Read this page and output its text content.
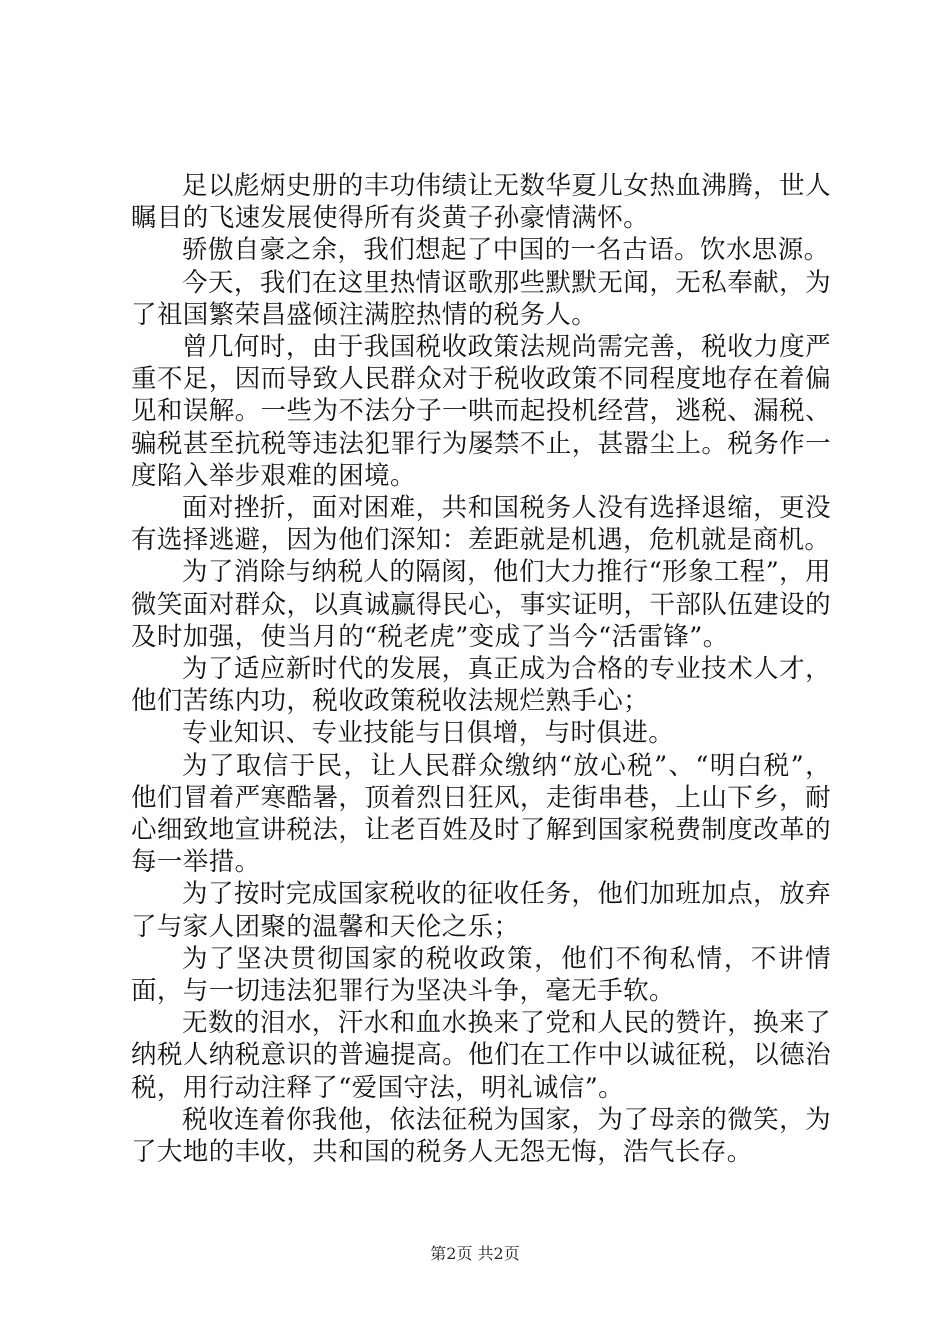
足以彪炳史册的丰功伟绩让无数华夏儿女热血沸腾，世人瞩目的飞速发展使得所有炎黄子孙豪情满怀。

骄傲自豪之余，我们想起了中国的一名古语。饮水思源。

今天，我们在这里热情讴歌那些默默无闻，无私奉献，为了祖国繁荣昌盛倾注满腔热情的税务人。

曾几何时，由于我国税收政策法规尚需完善，税收力度严重不足，因而导致人民群众对于税收政策不同程度地存在着偏见和误解。一些为不法分子一哄而起投机经营，逃税、漏税、骗税甚至抗税等违法犯罪行为屡禁不止，甚嚣尘上。税务作一度陷入举步艰难的困境。

面对挫折，面对困难，共和国税务人没有选择退缩，更没有选择逃避，因为他们深知：差距就是机遇，危机就是商机。

为了消除与纳税人的隔阂，他们大力推行“形象工程”，用微笑面对群众，以真诚赢得民心，事实证明，干部队伍建设的及时加强，使当月的“税老虎”变成了当今“活雷锋”。

为了适应新时代的发展，真正成为合格的专业技术人才，他们苦练内功，税收政策税收法规烂熟手心；

专业知识、专业技能与日俱增，与时俱进。

为了取信于民，让人民群众缴纳“放心税”、“明白税”，他们冒着严寒酷暑，顶着烈日狂风，走街串巷，上山下乡，耐心细致地宣讲税法，让老百姓及时了解到国家税费制度改革的每一举措。

为了按时完成国家税收的征收任务，他们加班加点，放弃了与家人团聚的温馨和天伦之乐；

为了坚决贯彻国家的税收政策，他们不徇私情，不讲情面，与一切违法犯罪行为坚决斗争，毫无手软。

无数的泪水，汗水和血水换来了党和人民的赞许，换来了纳税人纳税意识的普遍提高。他们在工作中以诚征税，以德治税，用行动注释了“爱国守法，明礼诚信”。

税收连着你我他，依法征税为国家，为了母亲的微笑，为了大地的丰收，共和国的税务人无怨无悔，浩气长存。

第2页 共2页
